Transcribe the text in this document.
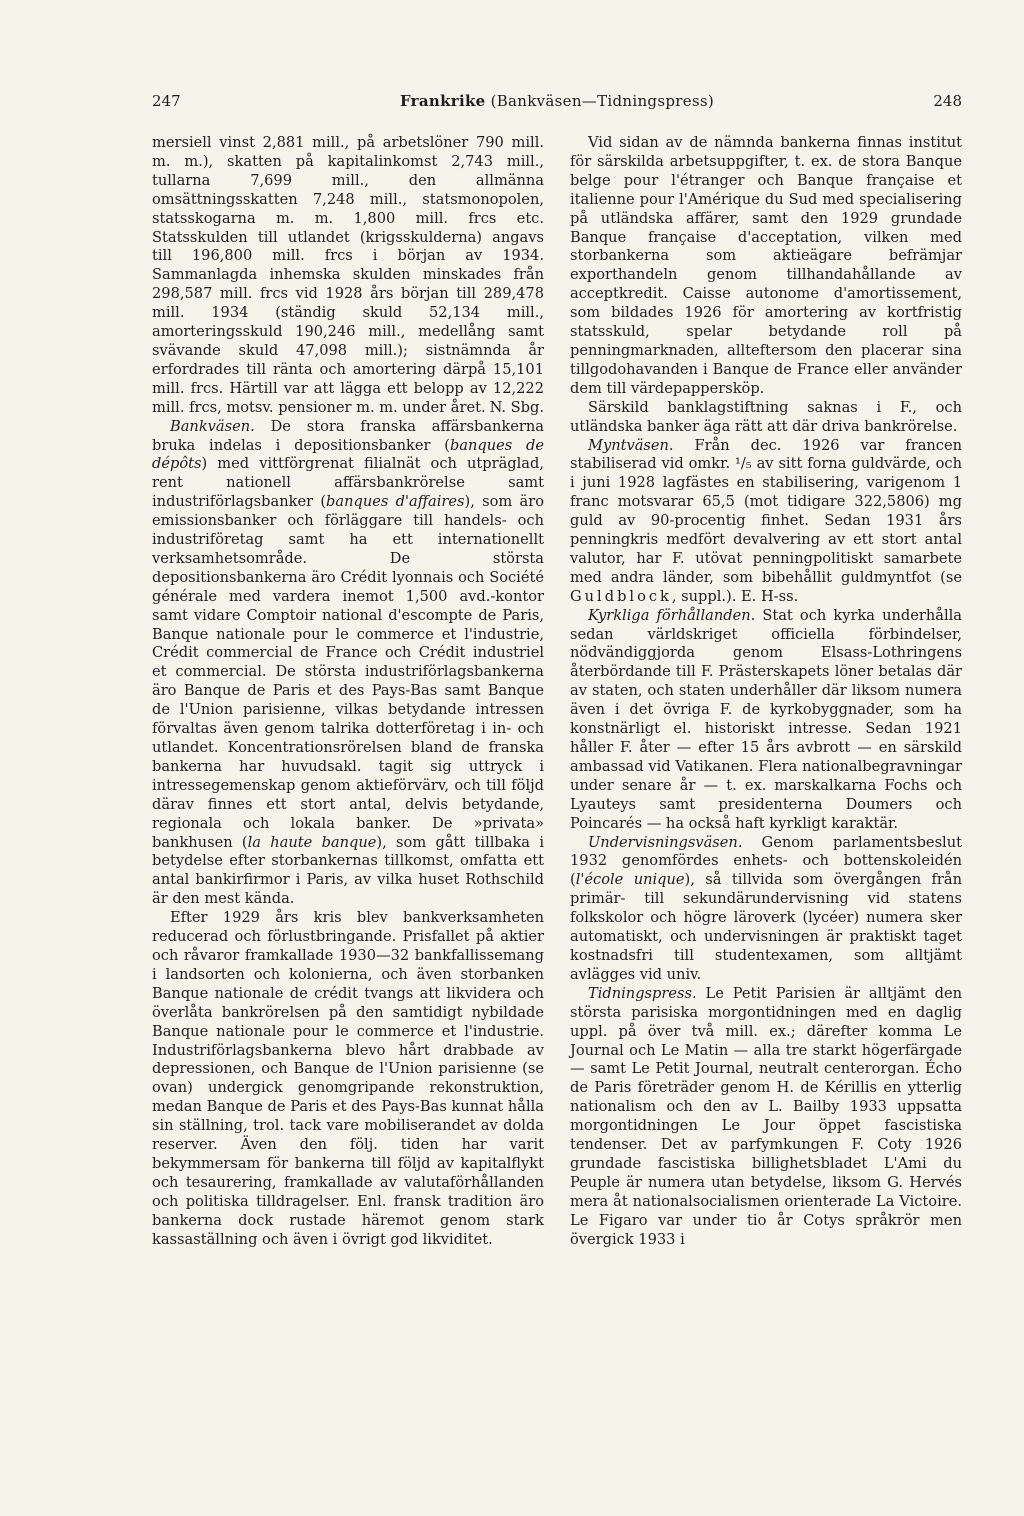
247	Frankrike (Bankväsen—Tidningspress)	248

mersiell vinst 2,881 mill., på arbetslöner 790 mill. m. m.), skatten på kapitalinkomst 2,743 mill., tullarna 7,699 mill., den allmänna omsättningsskatten 7,248 mill., statsmonopolen, statsskogarna m. m. 1,800 mill. frcs etc. Statsskulden till utlandet (krigsskulderna) angavs till 196,800 mill. frcs i början av 1934. Sammanlagda inhemska skulden minskades från 298,587 mill. frcs vid 1928 års början till 289,478 mill. 1934 (ständig skuld 52,134 mill., amorteringsskuld 190,246 mill., medellång samt svävande skuld 47,098 mill.); sistnämnda år erfordrades till ränta och amortering därpå 15,101 mill. frcs. Härtill var att lägga ett belopp av 12,222 mill. frcs, motsv. pensioner m. m. under året. N. Sbg.

Bankväsen. De stora franska affärsbankerna bruka indelas i depositionsbanker (banques de dépôts) med vittförgrenat filialnät och utpräglad, rent nationell affärsbankrörelse samt industriförlagsbanker (banques d'affaires), som äro emissionsbanker och förläggare till handels- och industriföretag samt ha ett internationellt verksamhetsområde. De största depositionsbankerna äro Crédit lyonnais och Société générale med vardera inemot 1,500 avd.-kontor samt vidare Comptoir national d'escompte de Paris, Banque nationale pour le commerce et l'industrie, Crédit commercial de France och Crédit industriel et commercial. De största industriförlagsbankerna äro Banque de Paris et des Pays-Bas samt Banque de l'Union parisienne, vilkas betydande intressen förvaltas även genom talrika dotterföretag i in- och utlandet. Koncentrationsrörelsen bland de franska bankerna har huvudsakl. tagit sig uttryck i intressegemenskap genom aktieförvärv, och till följd därav finnes ett stort antal, delvis betydande, regionala och lokala banker. De »privata» bankhusen (la haute banque), som gått tillbaka i betydelse efter storbankernas tillkomst, omfatta ett antal bankirfirmor i Paris, av vilka huset Rothschild är den mest kända.

Efter 1929 års kris blev bankverksamheten reducerad och förlustbringande. Prisfallet på aktier och råvaror framkallade 1930—32 bankfallissemang i landsorten och kolonierna, och även storbanken Banque nationale de crédit tvangs att likvidera och överlåta bankrörelsen på den samtidigt nybildade Banque nationale pour le commerce et l'industrie. Industriförlagsbankerna blevo hårt drabbade av depressionen, och Banque de l'Union parisienne (se ovan) undergick genomgripande rekonstruktion, medan Banque de Paris et des Pays-Bas kunnat hålla sin ställning, trol. tack vare mobiliserandet av dolda reserver. Även den följ. tiden har varit bekymmersam för bankerna till följd av kapitalflykt och tesaurering, framkallade av valutaförhållanden och politiska tilldragelser. Enl. fransk tradition äro bankerna dock rustade häremot genom stark kassaställning och även i övrigt god likviditet.

Vid sidan av de nämnda bankerna finnas institut för särskilda arbetsuppgifter, t. ex. de stora Banque belge pour l'étranger och Banque française et italienne pour l'Amérique du Sud med specialisering på utländska affärer, samt den 1929 grundade Banque française d'acceptation, vilken med storbankerna som aktieägare befrämjar exporthandeln genom tillhandahållande av acceptkredit. Caisse autonome d'amortissement, som bildades 1926 för amortering av kortfristig statsskuld, spelar betydande roll på penningmarknaden, allteftersom den placerar sina tillgodohavanden i Banque de France eller använder dem till värdepappersköp.

Särskild banklagstiftning saknas i F., och utländska banker äga rätt att där driva bankrörelse.

Myntväsen. Från dec. 1926 var francen stabiliserad vid omkr. ¹/₅ av sitt forna guldvärde, och i juni 1928 lagfästes en stabilisering, varigenom 1 franc motsvarar 65,5 (mot tidigare 322,5806) mg guld av 90-procentig finhet. Sedan 1931 års penningkris medfört devalvering av ett stort antal valutor, har F. utövat penningpolitiskt samarbete med andra länder, som bibehållit guldmyntfot (se Guldblock, suppl.). E. H-ss.

Kyrkliga förhållanden. Stat och kyrka underhålla sedan världskriget officiella förbindelser, nödvändiggjorda genom Elsass-Lothringens återbördande till F. Prästerskapets löner betalas där av staten, och staten underhåller där liksom numera även i det övriga F. de kyrkobyggnader, som ha konstnärligt el. historiskt intresse. Sedan 1921 håller F. åter — efter 15 års avbrott — en särskild ambassad vid Vatikanen. Flera nationalbegravningar under senare år — t. ex. marskalkarna Fochs och Lyauteys samt presidenterna Doumers och Poincarés — ha också haft kyrkligt karaktär.

Undervisningsväsen. Genom parlamentsbeslut 1932 genomfördes enhets- och bottenskoleidén (l'école unique), så tillvida som övergången från primär- till sekundärundervisning vid statens folkskolor och högre läroverk (lycéer) numera sker automatiskt, och undervisningen är praktiskt taget kostnadsfri till studentexamen, som alltjämt avlägges vid univ.

Tidningspress. Le Petit Parisien är alltjämt den största parisiska morgontidningen med en daglig uppl. på över två mill. ex.; därefter komma Le Journal och Le Matin — alla tre starkt högerfärgade — samt Le Petit Journal, neutralt centerorgan. Écho de Paris företräder genom H. de Kérillis en ytterlig nationalism och den av L. Bailby 1933 uppsatta morgontidningen Le Jour öppet fascistiska tendenser. Det av parfymkungen F. Coty 1926 grundade fascistiska billighetsbladet L'Ami du Peuple är numera utan betydelse, liksom G. Hervés mera åt nationalsocialismen orienterade La Victoire. Le Figaro var under tio år Cotys språkrör men övergick 1933 i
